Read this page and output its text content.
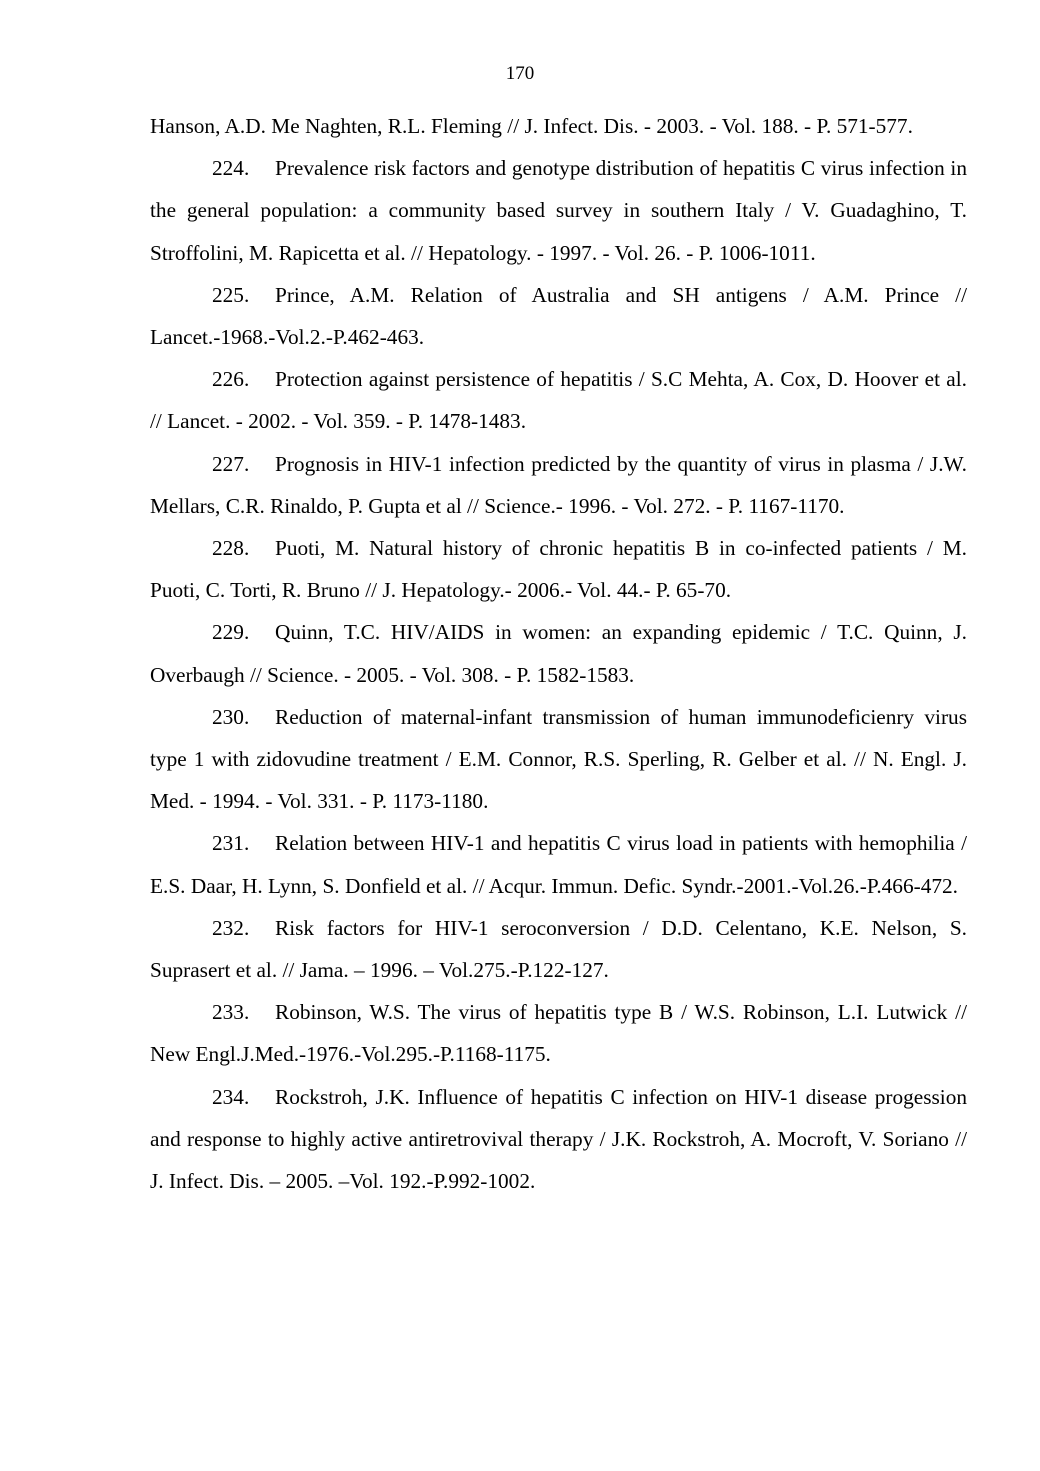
170

Hanson, A.D. Me Naghten, R.L. Fleming // J. Infect. Dis. - 2003. - Vol. 188. - P. 571-577.

224. Prevalence risk factors and genotype distribution of hepatitis C virus infection in the general population: a community based survey in southern Italy / V. Guadaghino, T. Stroffolini, M. Rapicetta et al. // Hepatology. - 1997. - Vol. 26. - P. 1006-1011.

225. Prince, A.M. Relation of Australia and SH antigens / A.M. Prince // Lancet.-1968.-Vol.2.-P.462-463.

226. Protection against persistence of hepatitis / S.C Mehta, A. Cox, D. Hoover et al. // Lancet. - 2002. - Vol. 359. - P. 1478-1483.

227. Prognosis in HIV-1 infection predicted by the quantity of virus in plasma / J.W. Mellars, C.R. Rinaldo, P. Gupta et al // Science.- 1996. - Vol. 272. - P. 1167-1170.

228. Puoti, M. Natural history of chronic hepatitis B in co-infected patients / M. Puoti, C. Torti, R. Bruno // J. Hepatology.- 2006.- Vol. 44.- P. 65-70.

229. Quinn, T.C. HIV/AIDS in women: an expanding epidemic / T.C. Quinn, J. Overbaugh // Science. - 2005. - Vol. 308. - P. 1582-1583.

230. Reduction of maternal-infant transmission of human immunodeficienry virus type 1 with zidovudine treatment / E.M. Connor, R.S. Sperling, R. Gelber et al. // N. Engl. J. Med. - 1994. - Vol. 331. - P. 1173-1180.

231. Relation between HIV-1 and hepatitis C virus load in patients with hemophilia / E.S. Daar, H. Lynn, S. Donfield et al. // Acqur. Immun. Defic. Syndr.-2001.-Vol.26.-P.466-472.

232. Risk factors for HIV-1 seroconversion / D.D. Celentano, K.E. Nelson, S. Suprasert et al. // Jama. – 1996. – Vol.275.-P.122-127.

233. Robinson, W.S. The virus of hepatitis type B / W.S. Robinson, L.I. Lutwick // New Engl.J.Med.-1976.-Vol.295.-P.1168-1175.

234. Rockstroh, J.K. Influence of hepatitis C infection on HIV-1 disease progession and response to highly active antiretrovival therapy / J.K. Rockstroh, A. Mocroft, V. Soriano // J. Infect. Dis. – 2005. –Vol. 192.-P.992-1002.
